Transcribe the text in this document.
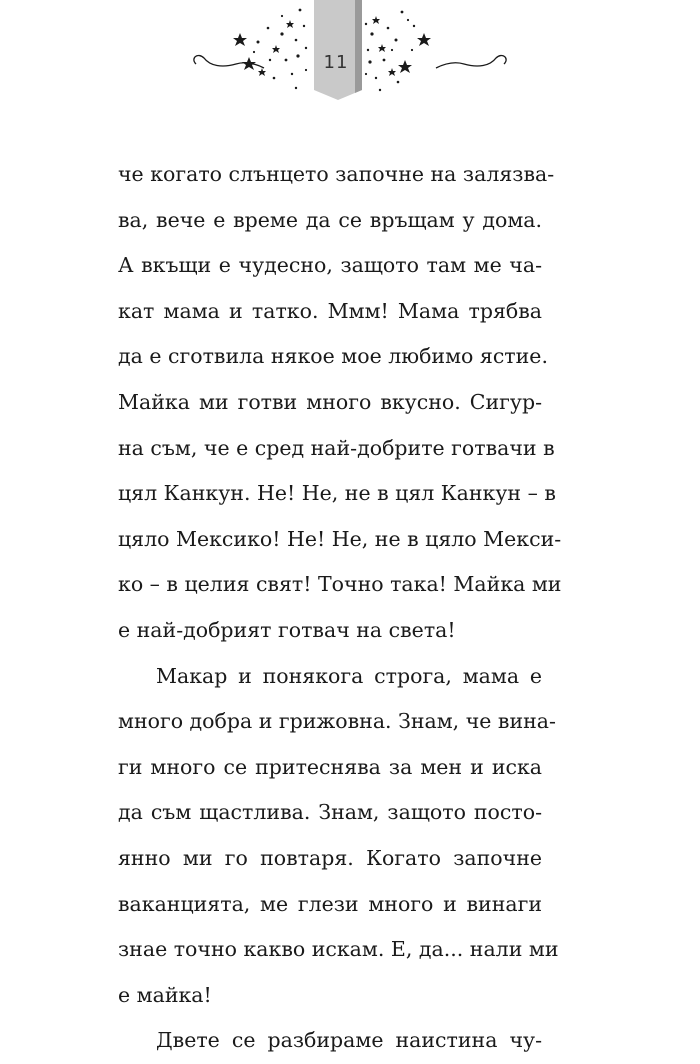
11
че когато слънцето започне на залязва-
ва, вече е време да се връщам у дома.
А вкъщи е чудесно, защото там ме ча-
кат мама и татко. Ммм! Мама трябва
да е сготвила някое мое любимо ястие.
Майка ми готви много вкусно. Сигур-
на съм, че е сред най-добрите готвачи в
цял Канкун. Не! Не, не в цял Канкун – в
цяло Мексико! Не! Не, не в цяло Мекси-
ко – в целия свят! Точно така! Майка ми
е най-добрият готвач на света!
Макар и понякога строга, мама е
много добра и грижовна. Знам, че вина-
ги много се притеснява за мен и иска
да съм щастлива. Знам, защото посто-
янно ми го повтаря. Когато започне
ваканцията, ме глези много и винаги
знае точно какво искам. Е, да... нали ми
е майка!
Двете се разбираме наистина чу-
